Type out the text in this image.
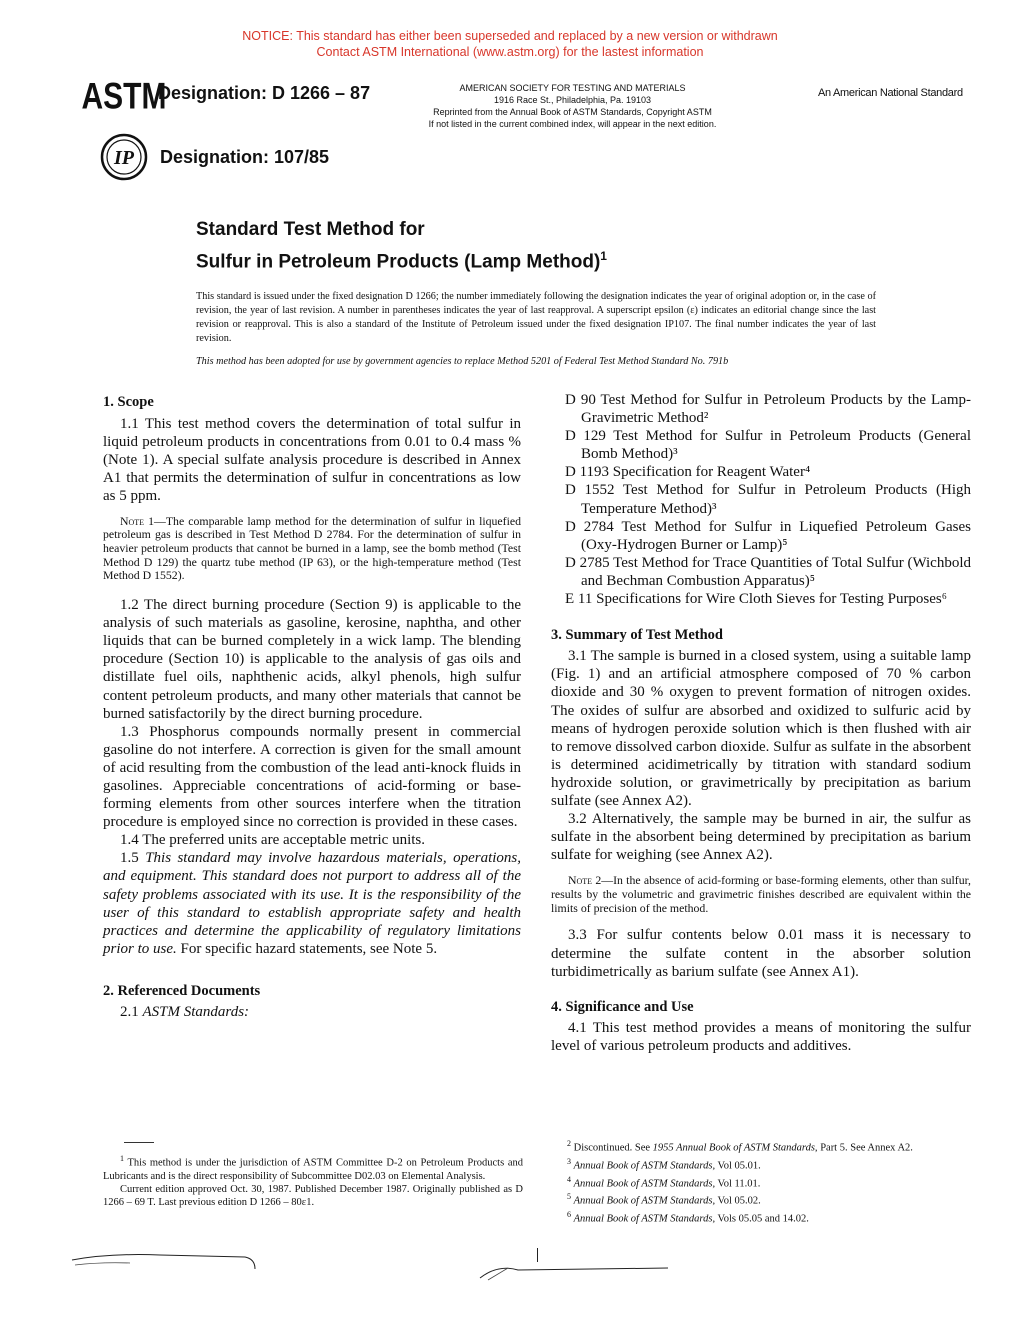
NOTICE: This standard has either been superseded and replaced by a new version or withdrawn
Contact ASTM International (www.astm.org) for the lastest information
ASTM
Designation: D 1266 – 87
IP Designation: 107/85
AMERICAN SOCIETY FOR TESTING AND MATERIALS
1916 Race St., Philadelphia, Pa. 19103
Reprinted from the Annual Book of ASTM Standards, Copyright ASTM
If not listed in the current combined index, will appear in the next edition.
An American National Standard
Standard Test Method for
Sulfur in Petroleum Products (Lamp Method)$^1$
This standard is issued under the fixed designation D 1266; the number immediately following the designation indicates the year of original adoption or, in the case of revision, the year of last revision. A number in parentheses indicates the year of last reapproval. A superscript epsilon (ε) indicates an editorial change since the last revision or reapproval. This is also a standard of the Institute of Petroleum issued under the fixed designation IP107. The final number indicates the year of last revision.
This method has been adopted for use by government agencies to replace Method 5201 of Federal Test Method Standard No. 791b

1. Scope

1.1 This test method covers the determination of total sulfur in liquid petroleum products in concentrations from 0.01 to 0.4 mass % (Note 1). A special sulfate analysis procedure is described in Annex A1 that permits the determination of sulfur in concentrations as low as 5 ppm.

Note 1—The comparable lamp method for the determination of sulfur in liquefied petroleum gas is described in Test Method D 2784. For the determination of sulfur in heavier petroleum products that cannot be burned in a lamp, see the bomb method (Test Method D 129) the quartz tube method (IP 63), or the high-temperature method (Test Method D 1552).

1.2 The direct burning procedure (Section 9) is applicable to the analysis of such materials as gasoline, kerosine, naphtha, and other liquids that can be burned completely in a wick lamp. The blending procedure (Section 10) is applicable to the analysis of gas oils and distillate fuel oils, naphthenic acids, alkyl phenols, high sulfur content petroleum products, and many other materials that cannot be burned satisfactorily by the direct burning procedure.

1.3 Phosphorus compounds normally present in commercial gasoline do not interfere. A correction is given for the small amount of acid resulting from the combustion of the lead anti-knock fluids in gasolines. Appreciable concentrations of acid-forming or base-forming elements from other sources interfere when the titration procedure is employed since no correction is provided in these cases.

1.4 The preferred units are acceptable metric units.

1.5 This standard may involve hazardous materials, operations, and equipment. This standard does not purport to address all of the safety problems associated with its use. It is the responsibility of the user of this standard to establish appropriate safety and health practices and determine the applicability of regulatory limitations prior to use. For specific hazard statements, see Note 5.

2. Referenced Documents

2.1 ASTM Standards:

D 90 Test Method for Sulfur in Petroleum Products by the Lamp-Gravimetric Method²

D 129 Test Method for Sulfur in Petroleum Products (General Bomb Method)³

D 1193 Specification for Reagent Water⁴

D 1552 Test Method for Sulfur in Petroleum Products (High Temperature Method)³

D 2784 Test Method for Sulfur in Liquefied Petroleum Gases (Oxy-Hydrogen Burner or Lamp)⁵

D 2785 Test Method for Trace Quantities of Total Sulfur (Wichbold and Bechman Combustion Apparatus)⁵

E 11 Specifications for Wire Cloth Sieves for Testing Purposes⁶

3. Summary of Test Method

3.1 The sample is burned in a closed system, using a suitable lamp (Fig. 1) and an artificial atmosphere composed of 70 % carbon dioxide and 30 % oxygen to prevent formation of nitrogen oxides. The oxides of sulfur are absorbed and oxidized to sulfuric acid by means of hydrogen peroxide solution which is then flushed with air to remove dissolved carbon dioxide. Sulfur as sulfate in the absorbent is determined acidimetrically by titration with standard sodium hydroxide solution, or gravimetrically by precipitation as barium sulfate (see Annex A2).

3.2 Alternatively, the sample may be burned in air, the sulfur as sulfate in the absorbent being determined by precipitation as barium sulfate for weighing (see Annex A2).

Note 2—In the absence of acid-forming or base-forming elements, other than sulfur, results by the volumetric and gravimetric finishes described are equivalent within the limits of precision of the method.

3.3 For sulfur contents below 0.01 mass it is necessary to determine the sulfate content in the absorber solution turbidimetrically as barium sulfate (see Annex A1).

4. Significance and Use

4.1 This test method provides a means of monitoring the sulfur level of various petroleum products and additives.

$^1$ This method is under the jurisdiction of ASTM Committee D-2 on Petroleum Products and Lubricants and is the direct responsibility of Subcommittee D02.03 on Elemental Analysis.
Current edition approved Oct. 30, 1987. Published December 1987. Originally published as D 1266 – 69 T. Last previous edition D 1266 – 80ε1.
$^2$ Discontinued. See 1955 Annual Book of ASTM Standards, Part 5. See Annex A2.
$^3$ Annual Book of ASTM Standards, Vol 05.01.
$^4$ Annual Book of ASTM Standards, Vol 11.01.
$^5$ Annual Book of ASTM Standards, Vol 05.02.
$^6$ Annual Book of ASTM Standards, Vols 05.05 and 14.02.
